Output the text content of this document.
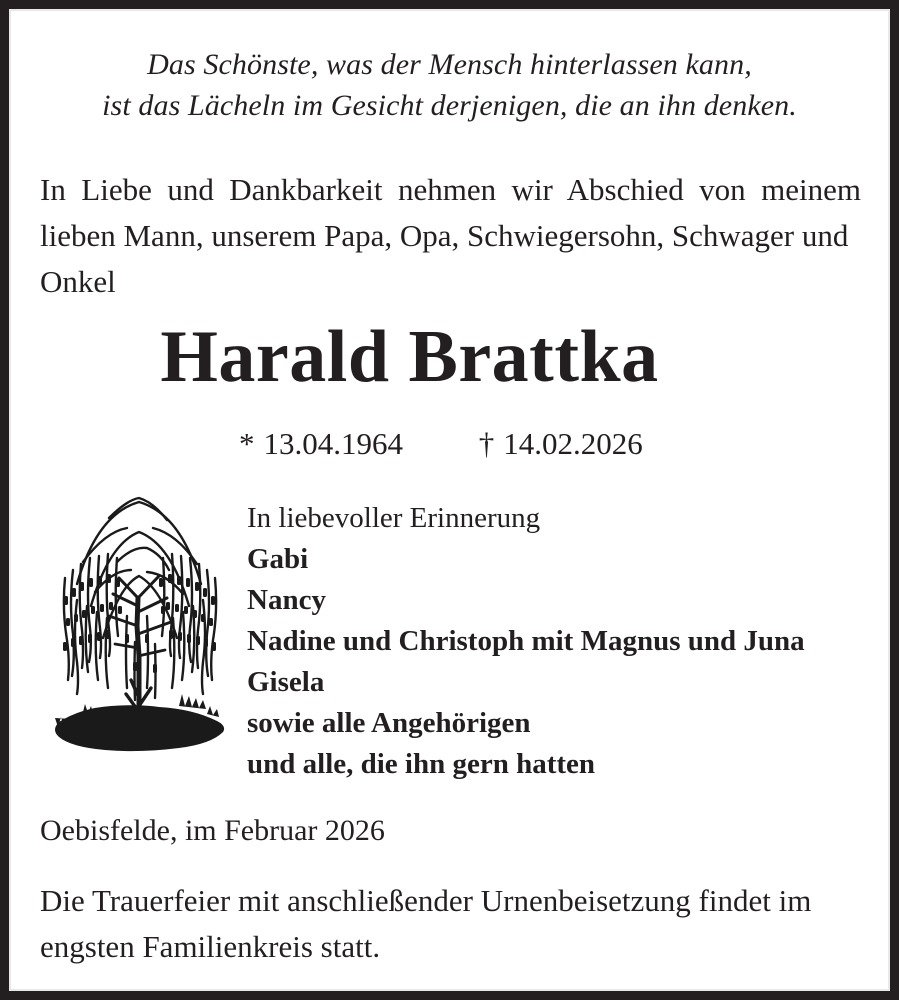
Das Schönste, was der Mensch hinterlassen kann,
ist das Lächeln im Gesicht derjenigen, die an ihn denken.
In Liebe und Dankbarkeit nehmen wir Abschied von meinem lieben Mann, unserem Papa, Opa, Schwiegersohn, Schwager und
Onkel
Harald Brattka
* 13.04.1964 † 14.02.2026
In liebevoller Erinnerung
Gabi
Nancy
Nadine und Christoph mit Magnus und Juna
Gisela
sowie alle Angehörigen
und alle, die ihn gern hatten
Oebisfelde, im Februar 2026
Die Trauerfeier mit anschließender Urnenbeisetzung findet im
engsten Familienkreis statt.
